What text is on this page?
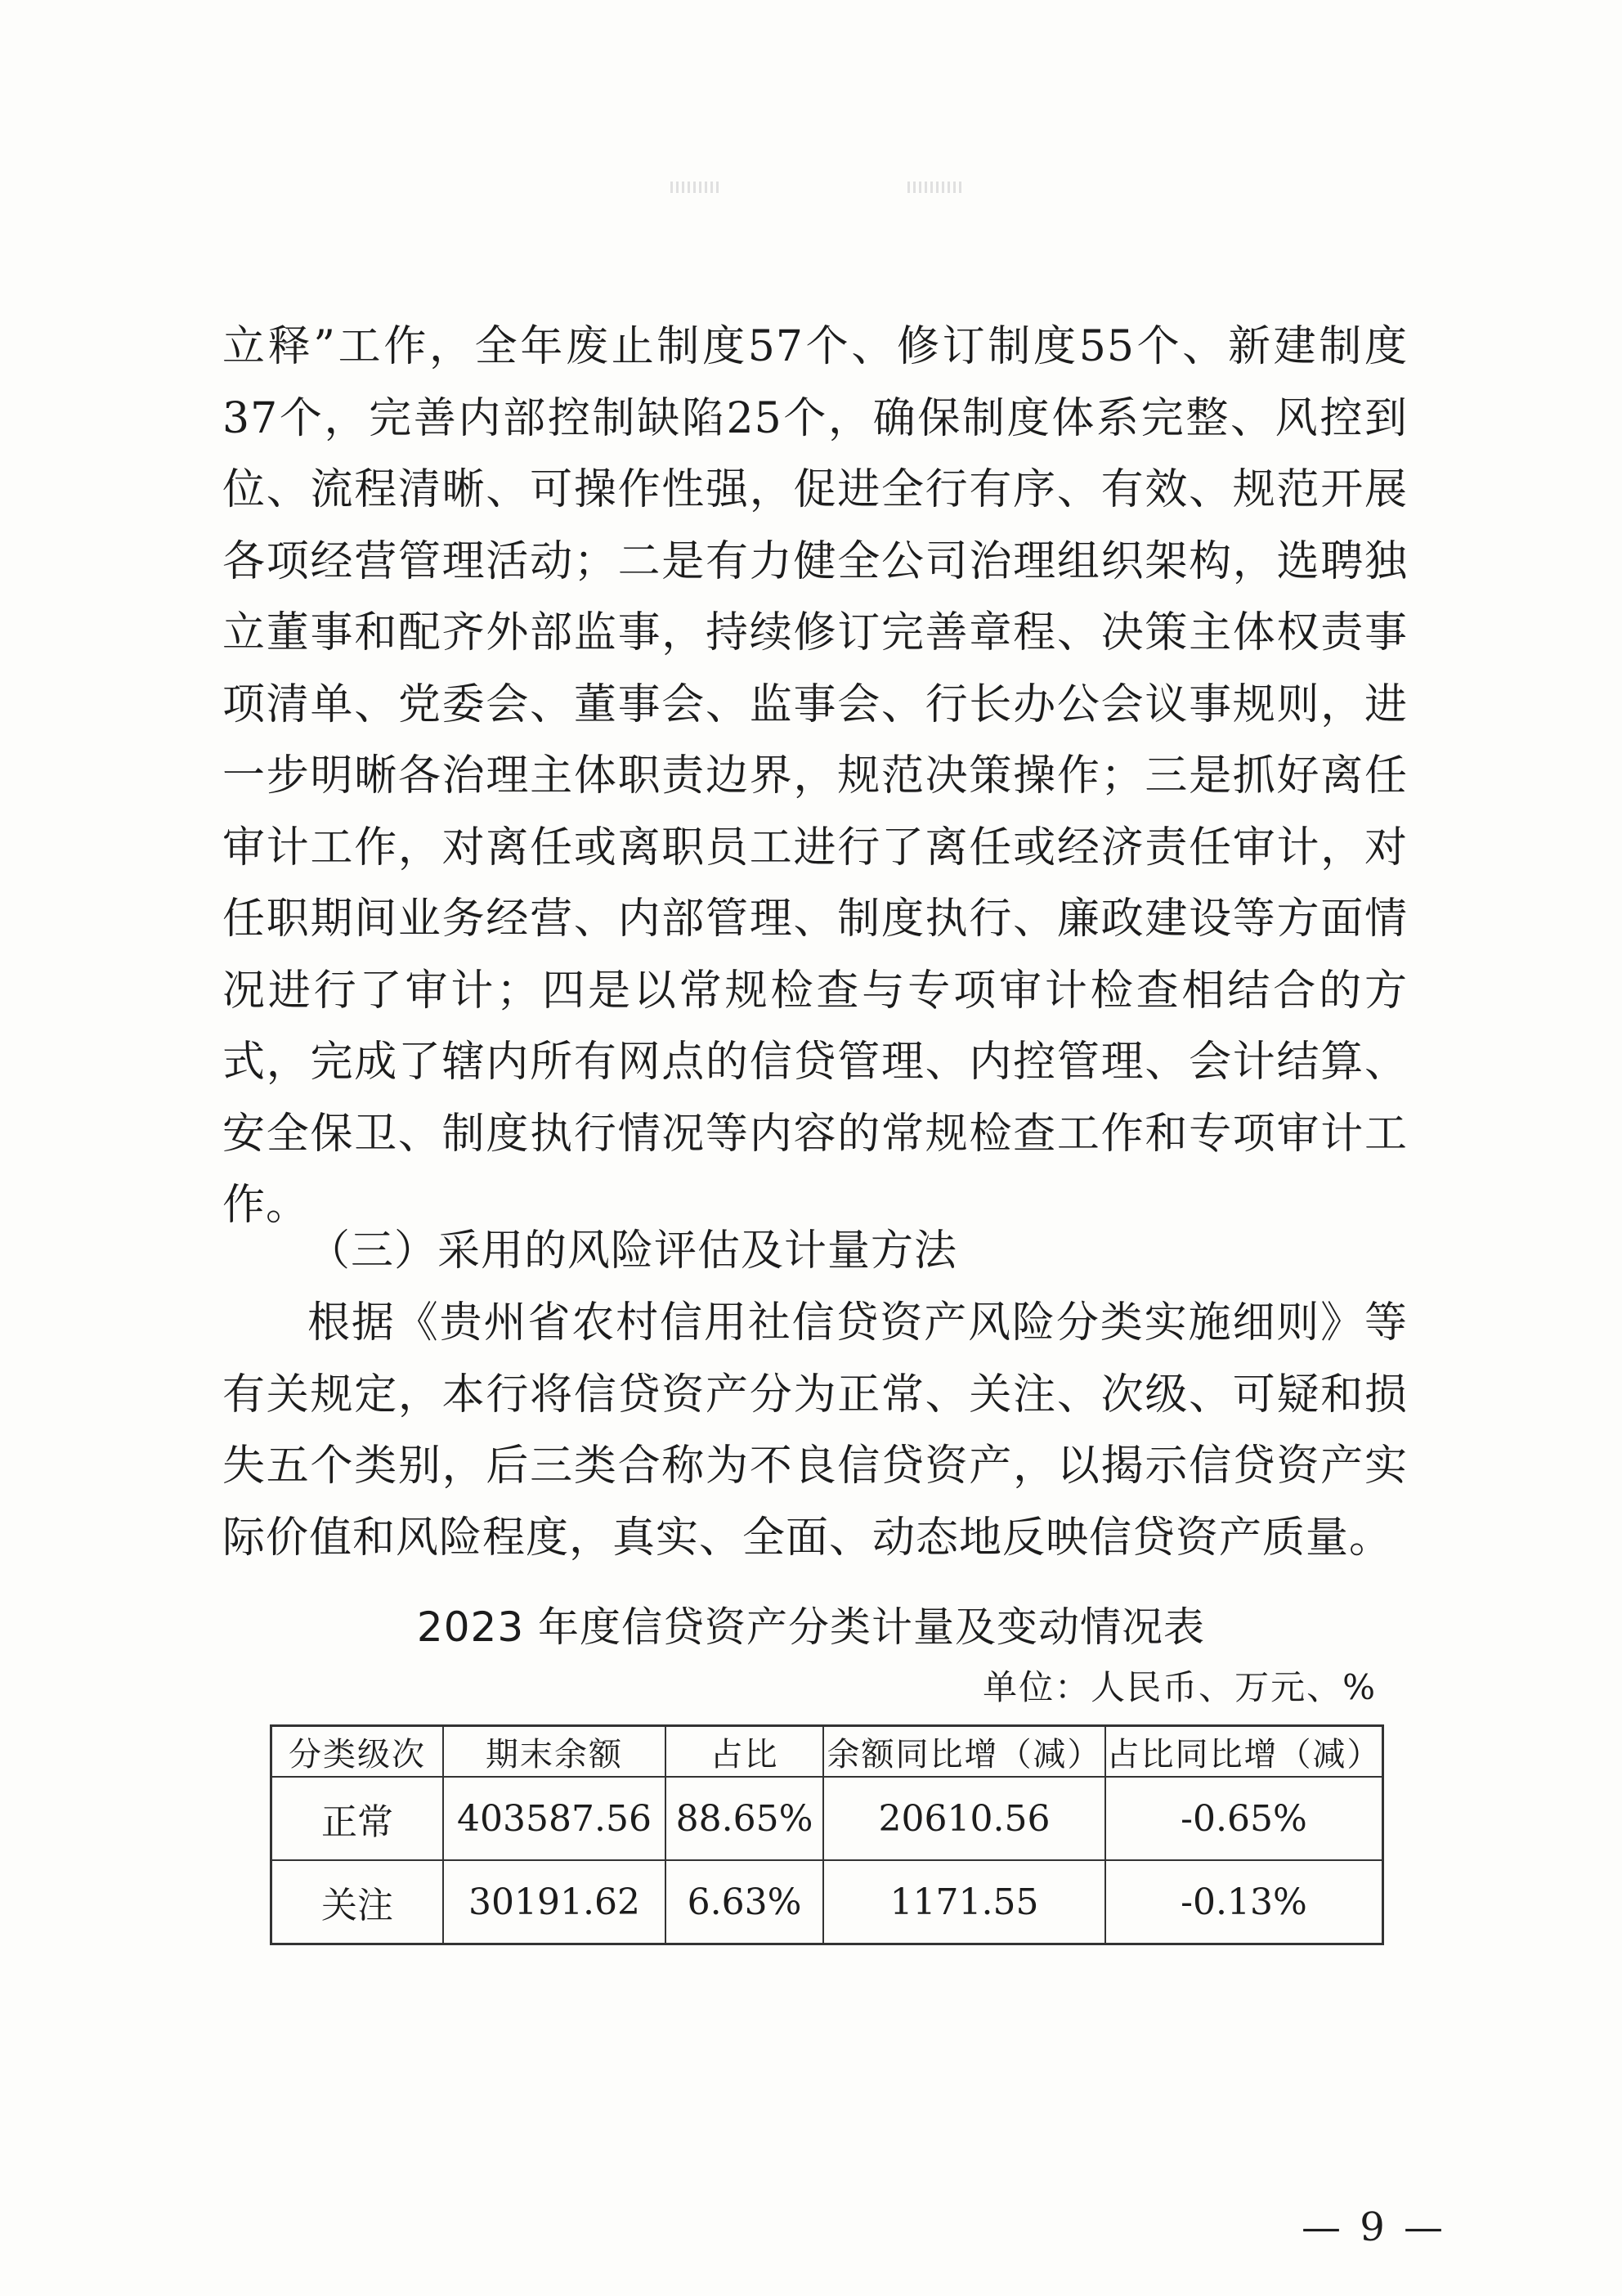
立释”工作，全年废止制度57个、修订制度55个、新建制度37个，完善内部控制缺陷25个，确保制度体系完整、风控到位、流程清晰、可操作性强，促进全行有序、有效、规范开展各项经营管理活动；二是有力健全公司治理组织架构，选聘独立董事和配齐外部监事，持续修订完善章程、决策主体权责事项清单、党委会、董事会、监事会、行长办公会议事规则，进一步明晰各治理主体职责边界，规范决策操作；三是抓好离任审计工作，对离任或离职员工进行了离任或经济责任审计，对任职期间业务经营、内部管理、制度执行、廉政建设等方面情况进行了审计；四是以常规检查与专项审计检查相结合的方式，完成了辖内所有网点的信贷管理、内控管理、会计结算、安全保卫、制度执行情况等内容的常规检查工作和专项审计工作。

（三）采用的风险评估及计量方法

根据《贵州省农村信用社信贷资产风险分类实施细则》等有关规定，本行将信贷资产分为正常、关注、次级、可疑和损失五个类别，后三类合称为不良信贷资产，以揭示信贷资产实际价值和风险程度，真实、全面、动态地反映信贷资产质量。

2023 年度信贷资产分类计量及变动情况表

单位：人民币、万元、%

分类级次	期末余额	占比	余额同比增（减）	占比同比增（减）
正常	403587.56	88.65%	20610.56	-0.65%
关注	30191.62	6.63%	1171.55	-0.13%

— 9 —
